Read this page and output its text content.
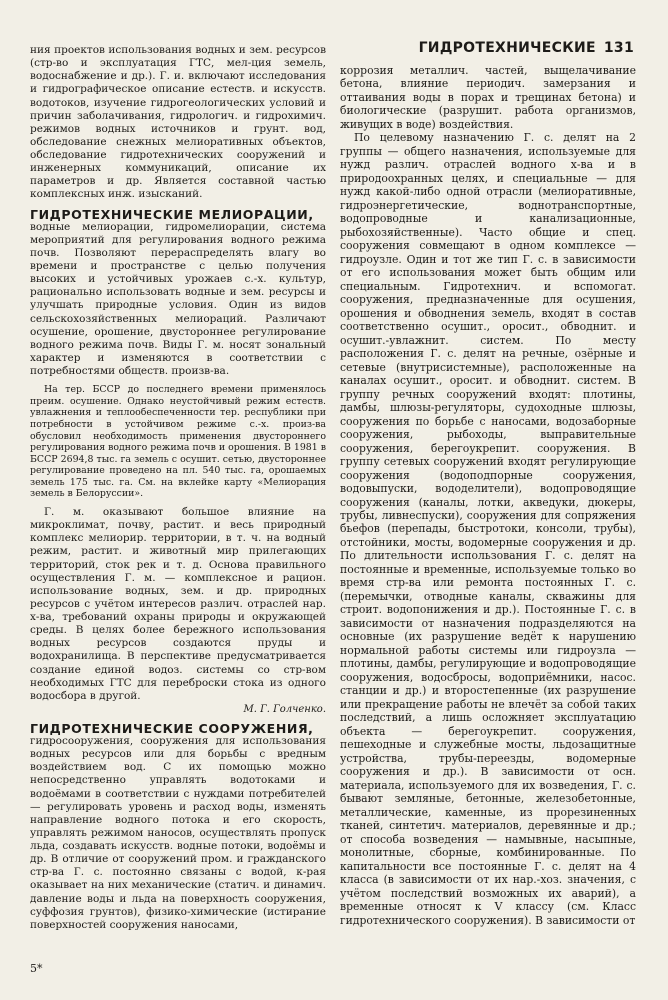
ГИДРОТЕХНИЧЕСКИЕ 131

ния проектов использования водных и зем. ресурсов (стр-во и эксплуатация ГТС, мел-ция земель, водоснабжение и др.). Г. и. включают исследования и гидрографическое описание естеств. и искусств. водотоков, изучение гидрогеологических условий и причин заболачивания, гидрологич. и гидрохимич. режимов водных источников и грунт. вод, обследование снежных мелиоративных объектов, обследование гидротехнических сооружений и инженерных коммуникаций, описание их параметров и др. Является составной частью комплексных инж. изысканий.

ГИДРОТЕХНИЧЕСКИЕ МЕЛИОРАЦИИ,

водные мелиорации, гидромелиорации, система мероприятий для регулирования водного режима почв. Позволяют перераспределять влагу во времени и пространстве с целью получения высоких и устойчивых урожаев с.-х. культур, рационально использовать водные и зем. ресурсы и улучшать природные условия. Один из видов сельскохозяйственных мелиораций. Различают осушение, орошение, двустороннее регулирование водного режима почв. Виды Г. м. носят зональный характер и изменяются в соответствии с потребностями обществ. произв-ва.

На тер. БССР до последнего времени применялось преим. осушение. Однако неустойчивый режим естеств. увлажнения и теплообеспеченности тер. республики при потребности в устойчивом режиме с.-х. произ-ва обусловил необходимость применения двустороннего регулирования водного режима почв и орошения. В 1981 в БССР 2694,8 тыс. га земель с осушит. сетью, двустороннее регулирование проведено на пл. 540 тыс. га, орошаемых земель 175 тыс. га. См. на вклейке карту «Мелиорация земель в Белоруссии».

Г. м. оказывают большое влияние на микроклимат, почву, растит. и весь природный комплекс мелиорир. территории, в т. ч. на водный режим, растит. и животный мир прилегающих территорий, сток рек и т. д. Основа правильного осуществления Г. м. — комплексное и рацион. использование водных, зем. и др. природных ресурсов с учётом интересов различ. отраслей нар. х-ва, требований охраны природы и окружающей среды. В целях более бережного использования водных ресурсов создаются пруды и водохранилища. В перспективе предусматривается создание единой водоз. системы со стр-вом необходимых ГТС для переброски стока из одного водосбора в другой.

М. Г. Голченко.

ГИДРОТЕХНИЧЕСКИЕ СООРУЖЕНИЯ,

гидросооружения, сооружения для использования водных ресурсов или для борьбы с вредным воздействием вод. С их помощью можно непосредственно управлять водотоками и водоёмами в соответствии с нуждами потребителей — регулировать уровень и расход воды, изменять направление водного потока и его скорость, управлять режимом наносов, осуществлять пропуск льда, создавать искусств. водные потоки, водоёмы и др. В отличие от сооружений пром. и гражданского стр-ва Г. с. постоянно связаны с водой, к-рая оказывает на них механические (статич. и динамич. давление воды и льда на поверхность сооружения, суффозия грунтов), физико-химические (истирание поверхностей сооружения наносами,

коррозия металлич. частей, выщелачивание бетона, влияние периодич. замерзания и оттаивания воды в порах и трещинах бетона) и биологические (разрушит. работа организмов, живущих в воде) воздействия.

По целевому назначению Г. с. делят на 2 группы — общего назначения, используемые для нужд различ. отраслей водного х-ва и в природоохранных целях, и специальные — для нужд какой-либо одной отрасли (мелиоративные, гидроэнергетические, воднотранспортные, водопроводные и канализационные, рыбохозяйственные). Часто общие и спец. сооружения совмещают в одном комплексе — гидроузле. Один и тот же тип Г. с. в зависимости от его использования может быть общим или специальным. Гидротехнич. и вспомогат. сооружения, предназначенные для осушения, орошения и обводнения земель, входят в состав соответственно осушит., оросит., обводнит. и осушит.-увлажнит. систем. По месту расположения Г. с. делят на речные, озёрные и сетевые (внутрисистемные), расположенные на каналах осушит., оросит. и обводнит. систем. В группу речных сооружений входят: плотины, дамбы, шлюзы-регуляторы, судоходные шлюзы, сооружения по борьбе с наносами, водозаборные сооружения, рыбоходы, выправительные сооружения, берегоукрепит. сооружения. В группу сетевых сооружений входят регулирующие сооружения (водоподпорные сооружения, водовыпуски, вододелители), водопроводящие сооружения (каналы, лотки, акведуки, дюкеры, трубы, ливнеспуски), сооружения для сопряжения бьефов (перепады, быстротоки, консоли, трубы), отстойники, мосты, водомерные сооружения и др. По длительности использования Г. с. делят на постоянные и временные, используемые только во время стр-ва или ремонта постоянных Г. с. (перемычки, отводные каналы, скважины для строит. водопонижения и др.). Постоянные Г. с. в зависимости от назначения подразделяются на основные (их разрушение ведёт к нарушению нормальной работы системы или гидроузла — плотины, дамбы, регулирующие и водопроводящие сооружения, водосбросы, водоприёмники, насос. станции и др.) и второстепенные (их разрушение или прекращение работы не влечёт за собой таких последствий, а лишь осложняет эксплуатацию объекта — берегоукрепит. сооружения, пешеходные и служебные мосты, льдозащитные устройства, трубы-переезды, водомерные сооружения и др.). В зависимости от осн. материала, используемого для их возведения, Г. с. бывают земляные, бетонные, железобетонные, металлические, каменные, из прорезиненных тканей, синтетич. материалов, деревянные и др.; от способа возведения — намывные, насыпные, монолитные, сборные, комбинированные. По капитальности все постоянные Г. с. делят на 4 класса (в зависимости от их нар.-хоз. значения, с учётом последствий возможных их аварий), а временные относят к V классу (см. Класс гидротехнического сооружения). В зависимости от

5*
